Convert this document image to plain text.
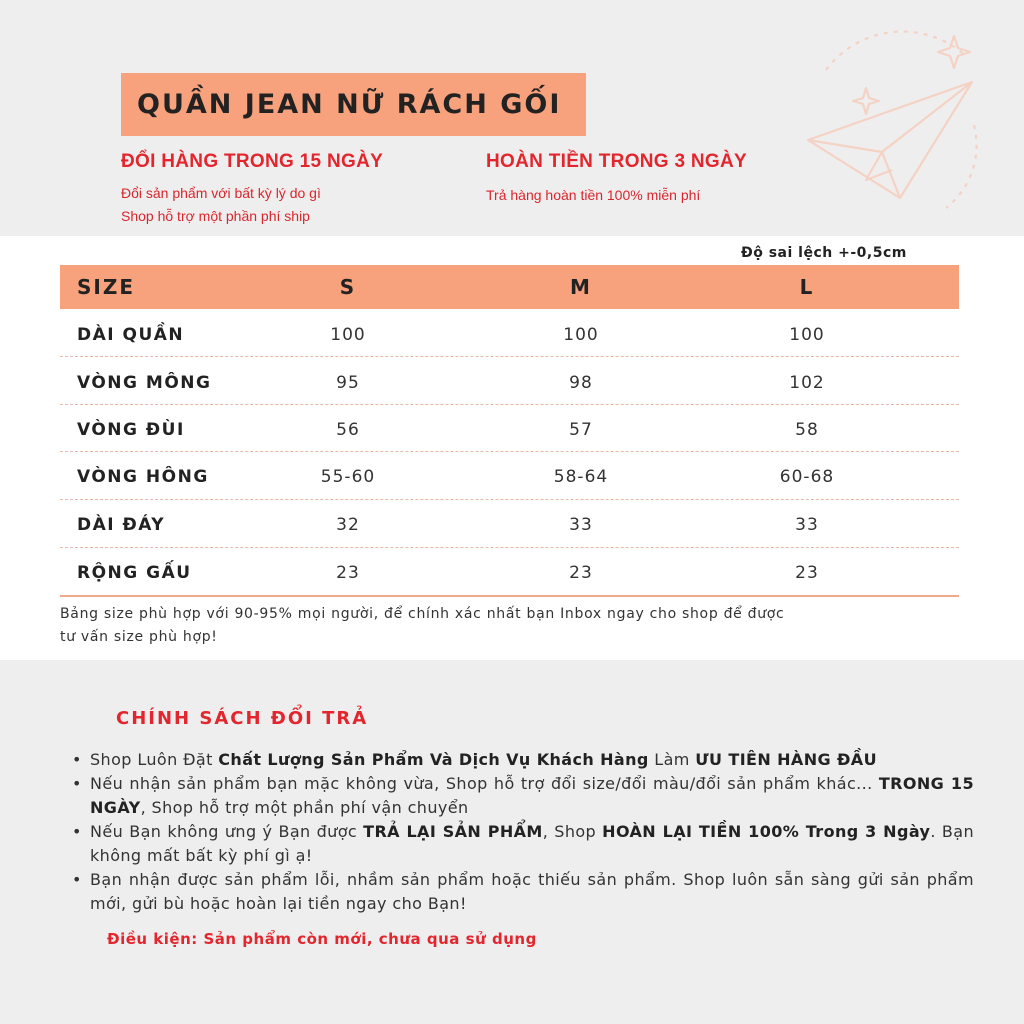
QUẦN JEAN NỮ RÁCH GỐI
ĐỔI HÀNG TRONG 15 NGÀY
Đổi sản phẩm với bất kỳ lý do gì
Shop hỗ trợ một phần phí ship
HOÀN TIỀN TRONG 3 NGÀY
Trả hàng hoàn tiền 100% miễn phí
Độ sai lệch +-0,5cm
SIZE	S	M	L
DÀI QUẦN	100	100	100
VÒNG MÔNG	95	98	102
VÒNG ĐÙI	56	57	58
VÒNG HÔNG	55-60	58-64	60-68
DÀI ĐÁY	32	33	33
RỘNG GẤU	23	23	23
Bảng size phù hợp với 90-95% mọi người, để chính xác nhất bạn Inbox ngay cho shop để được
tư vấn size phù hợp!
CHÍNH SÁCH ĐỔI TRẢ
• Shop Luôn Đặt Chất Lượng Sản Phẩm Và Dịch Vụ Khách Hàng Làm ƯU TIÊN HÀNG ĐẦU
• Nếu nhận sản phẩm bạn mặc không vừa, Shop hỗ trợ đổi size/đổi màu/đổi sản phẩm khác... TRONG 15 NGÀY, Shop hỗ trợ một phần phí vận chuyển
• Nếu Bạn không ưng ý Bạn được TRẢ LẠI SẢN PHẨM, Shop HOÀN LẠI TIỀN 100% Trong 3 Ngày. Bạn không mất bất kỳ phí gì ạ!
• Bạn nhận được sản phẩm lỗi, nhầm sản phẩm hoặc thiếu sản phẩm. Shop luôn sẵn sàng gửi sản phẩm mới, gửi bù hoặc hoàn lại tiền ngay cho Bạn!
Điều kiện: Sản phẩm còn mới, chưa qua sử dụng
